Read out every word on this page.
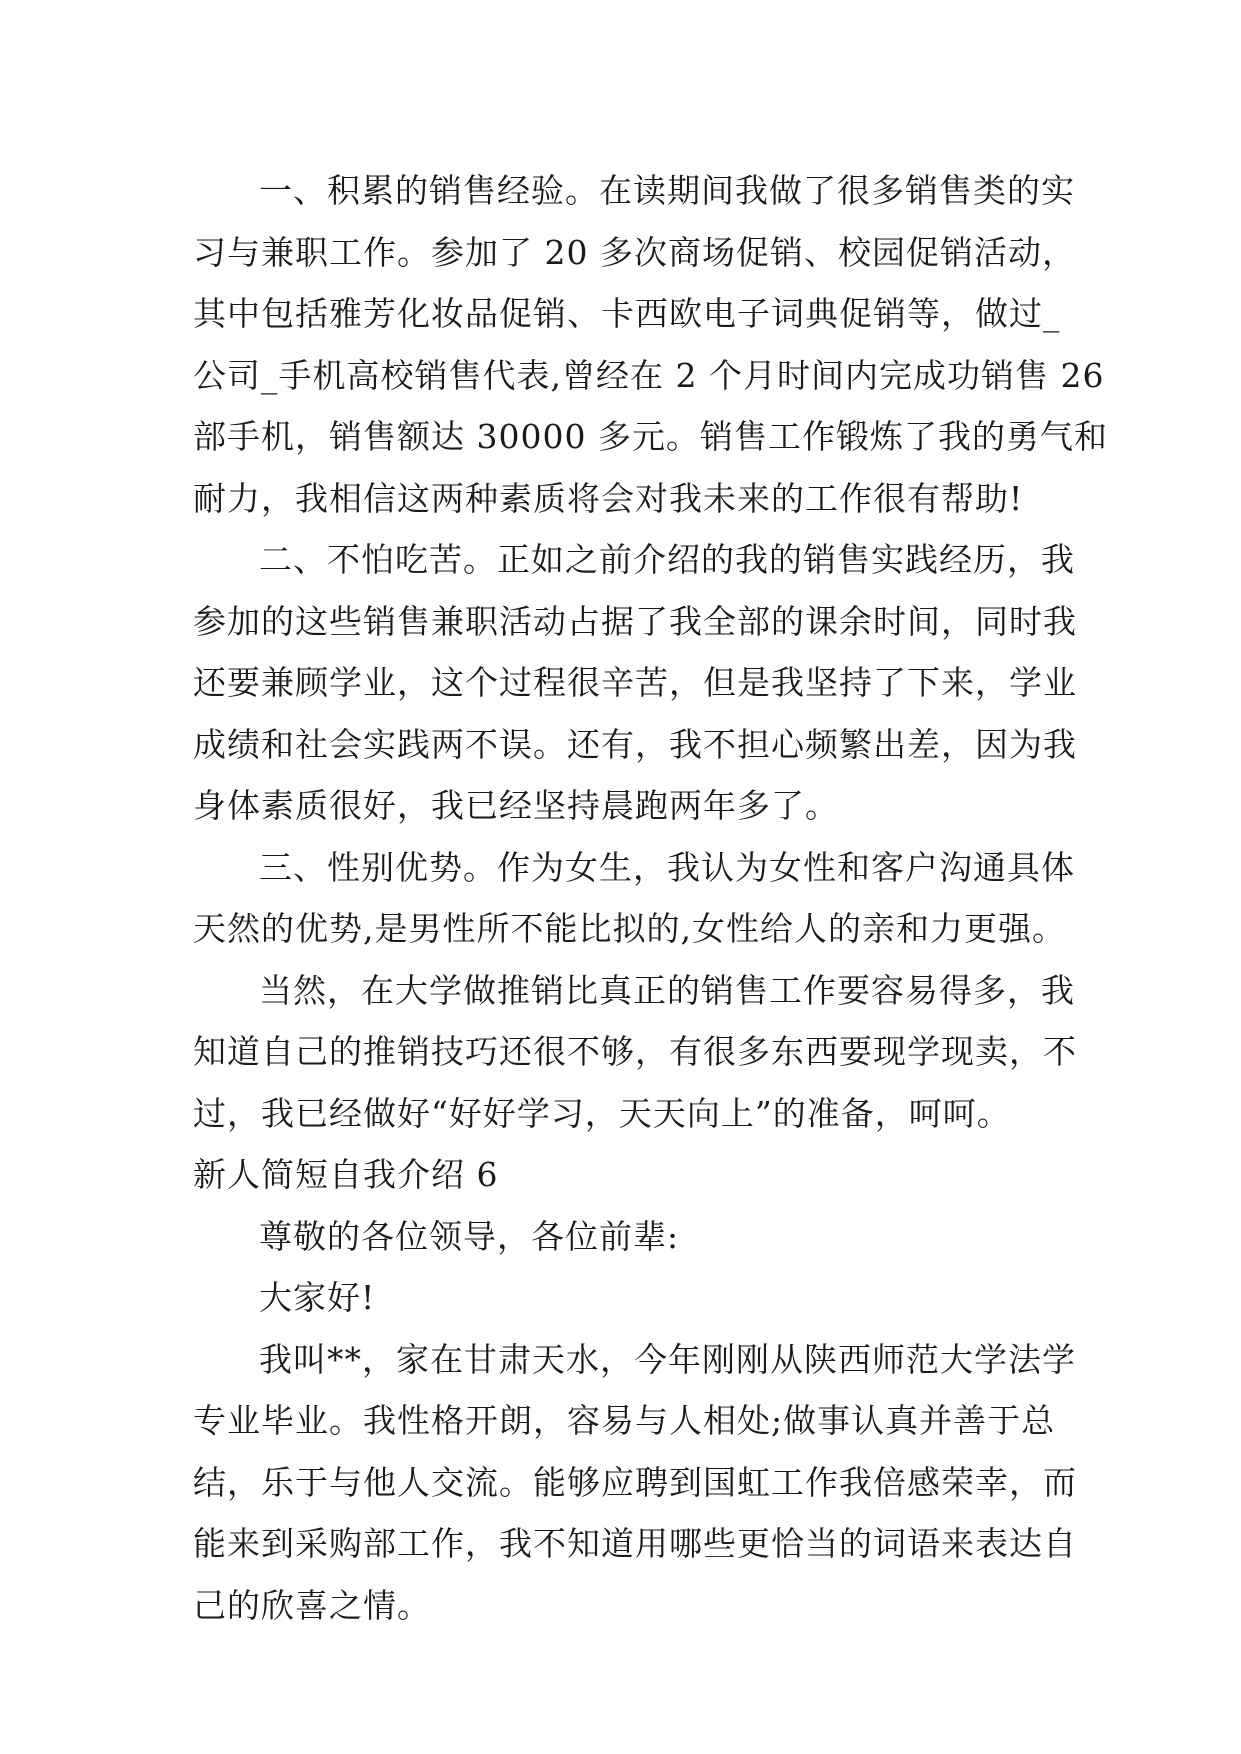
一、积累的销售经验。在读期间我做了很多销售类的实
习与兼职工作。参加了 20 多次商场促销、校园促销活动，
其中包括雅芳化妆品促销、卡西欧电子词典促销等，做过_
公司_手机高校销售代表,曾经在 2 个月时间内完成功销售 26
部手机，销售额达 30000 多元。销售工作锻炼了我的勇气和
耐力，我相信这两种素质将会对我未来的工作很有帮助!
二、不怕吃苦。正如之前介绍的我的销售实践经历，我
参加的这些销售兼职活动占据了我全部的课余时间，同时我
还要兼顾学业，这个过程很辛苦，但是我坚持了下来，学业
成绩和社会实践两不误。还有，我不担心频繁出差，因为我
身体素质很好，我已经坚持晨跑两年多了。
三、性别优势。作为女生，我认为女性和客户沟通具体
天然的优势,是男性所不能比拟的,女性给人的亲和力更强。
当然，在大学做推销比真正的销售工作要容易得多，我
知道自己的推销技巧还很不够，有很多东西要现学现卖，不
过，我已经做好“好好学习，天天向上”的准备，呵呵。
新人简短自我介绍 6
尊敬的各位领导，各位前辈:
大家好!
我叫**，家在甘肃天水，今年刚刚从陕西师范大学法学
专业毕业。我性格开朗，容易与人相处;做事认真并善于总
结，乐于与他人交流。能够应聘到国虹工作我倍感荣幸，而
能来到采购部工作，我不知道用哪些更恰当的词语来表达自
己的欣喜之情。
